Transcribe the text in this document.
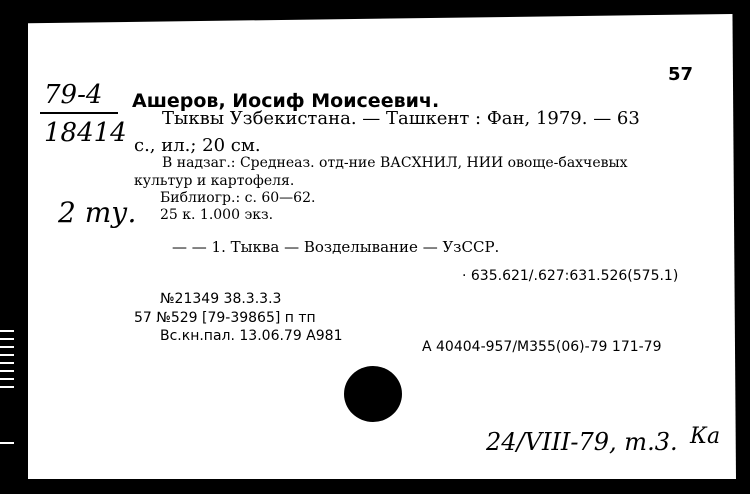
57
79-4
18414
2 ту.
Ашеров, Иосиф Моисеевич.
Тыквы Узбекистана. — Ташкент : Фан, 1979. — 63
с., ил.; 20 см.
В надзаг.: Среднеаз. отд-ние ВАСХНИЛ, НИИ овоще-бахчевых
культур и картофеля.
Библиогр.: с. 60—62.
25 к. 1.000 экз.
— — 1. Тыква — Возделывание — УзССР.
· 635.621/.627:631.526(575.1)
№21349 38.3.3.3
57 №529 [79-39865] п тп
Вс.кн.пал. 13.06.79 А981
А 40404-957/М355(06)-79 171-79
24/VIII-79, т.3. Ка
